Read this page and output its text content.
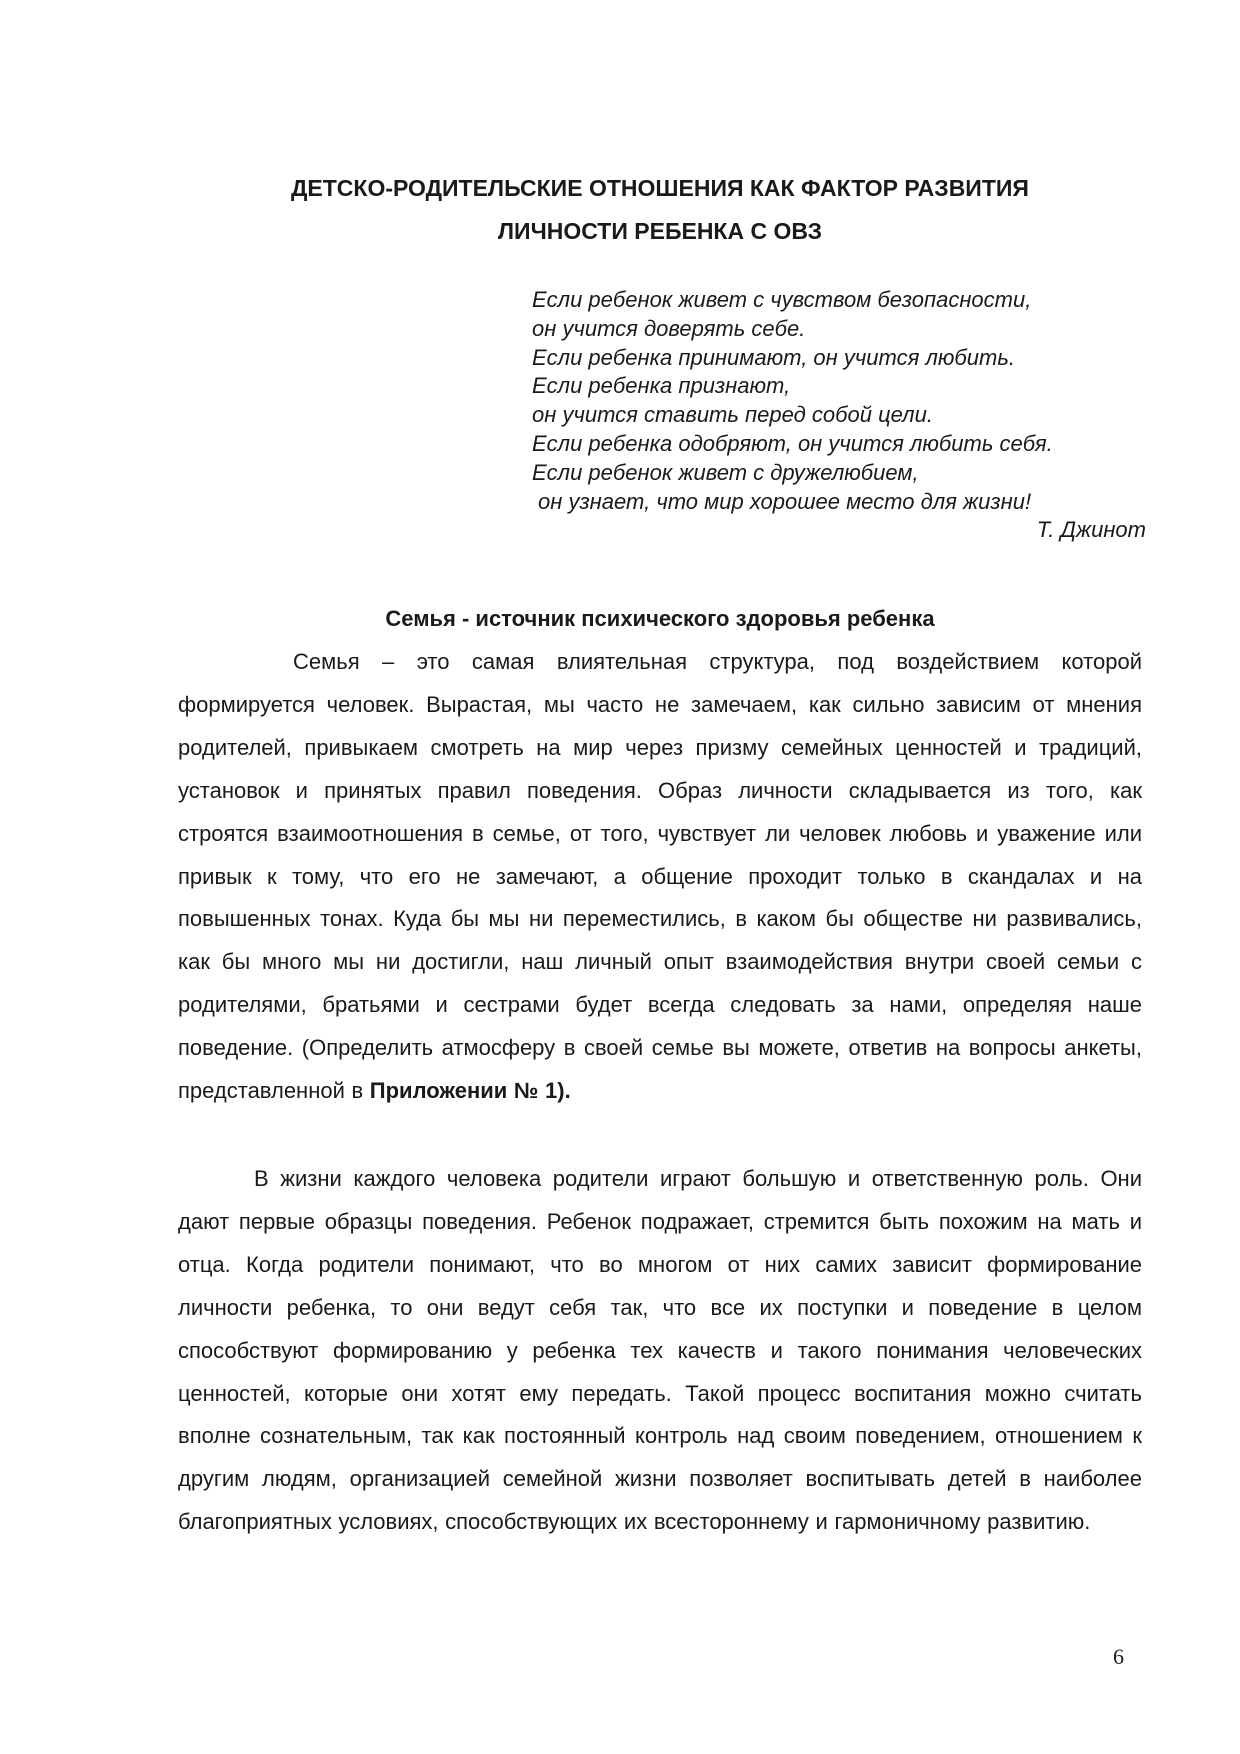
ДЕТСКО-РОДИТЕЛЬСКИЕ ОТНОШЕНИЯ КАК ФАКТОР РАЗВИТИЯ
ЛИЧНОСТИ РЕБЕНКА С ОВЗ
Если ребенок живет с чувством безопасности,
он учится доверять себе.
Если ребенка принимают, он учится любить.
Если ребенка признают,
он учится ставить перед собой цели.
Если ребенка одобряют, он учится любить себя.
Если ребенок живет с дружелюбием,
он узнает, что мир хорошее место для жизни!
Т. Джинот
Семья - источник психического здоровья ребенка

Семья – это самая влиятельная структура, под воздействием которой формируется человек. Вырастая, мы часто не замечаем, как сильно зависим от мнения родителей, привыкаем смотреть на мир через призму семейных ценностей и традиций, установок и принятых правил поведения. Образ личности складывается из того, как строятся взаимоотношения в семье, от того, чувствует ли человек любовь и уважение или привык к тому, что его не замечают, а общение проходит только в скандалах и на повышенных тонах. Куда бы мы ни переместились, в каком бы обществе ни развивались, как бы много мы ни достигли, наш личный опыт взаимодействия внутри своей семьи с родителями, братьями и сестрами будет всегда следовать за нами, определяя наше поведение. (Определить атмосферу в своей семье вы можете, ответив на вопросы анкеты, представленной в Приложении № 1).

В жизни каждого человека родители играют большую и ответственную роль. Они дают первые образцы поведения. Ребенок подражает, стремится быть похожим на мать и отца. Когда родители понимают, что во многом от них самих зависит формирование личности ребенка, то они ведут себя так, что все их поступки и поведение в целом способствуют формированию у ребенка тех качеств и такого понимания человеческих ценностей, которые они хотят ему передать. Такой процесс воспитания можно считать вполне сознательным, так как постоянный контроль над своим поведением, отношением к другим людям, организацией семейной жизни позволяет воспитывать детей в наиболее благоприятных условиях, способствующих их всестороннему и гармоничному развитию.

6
